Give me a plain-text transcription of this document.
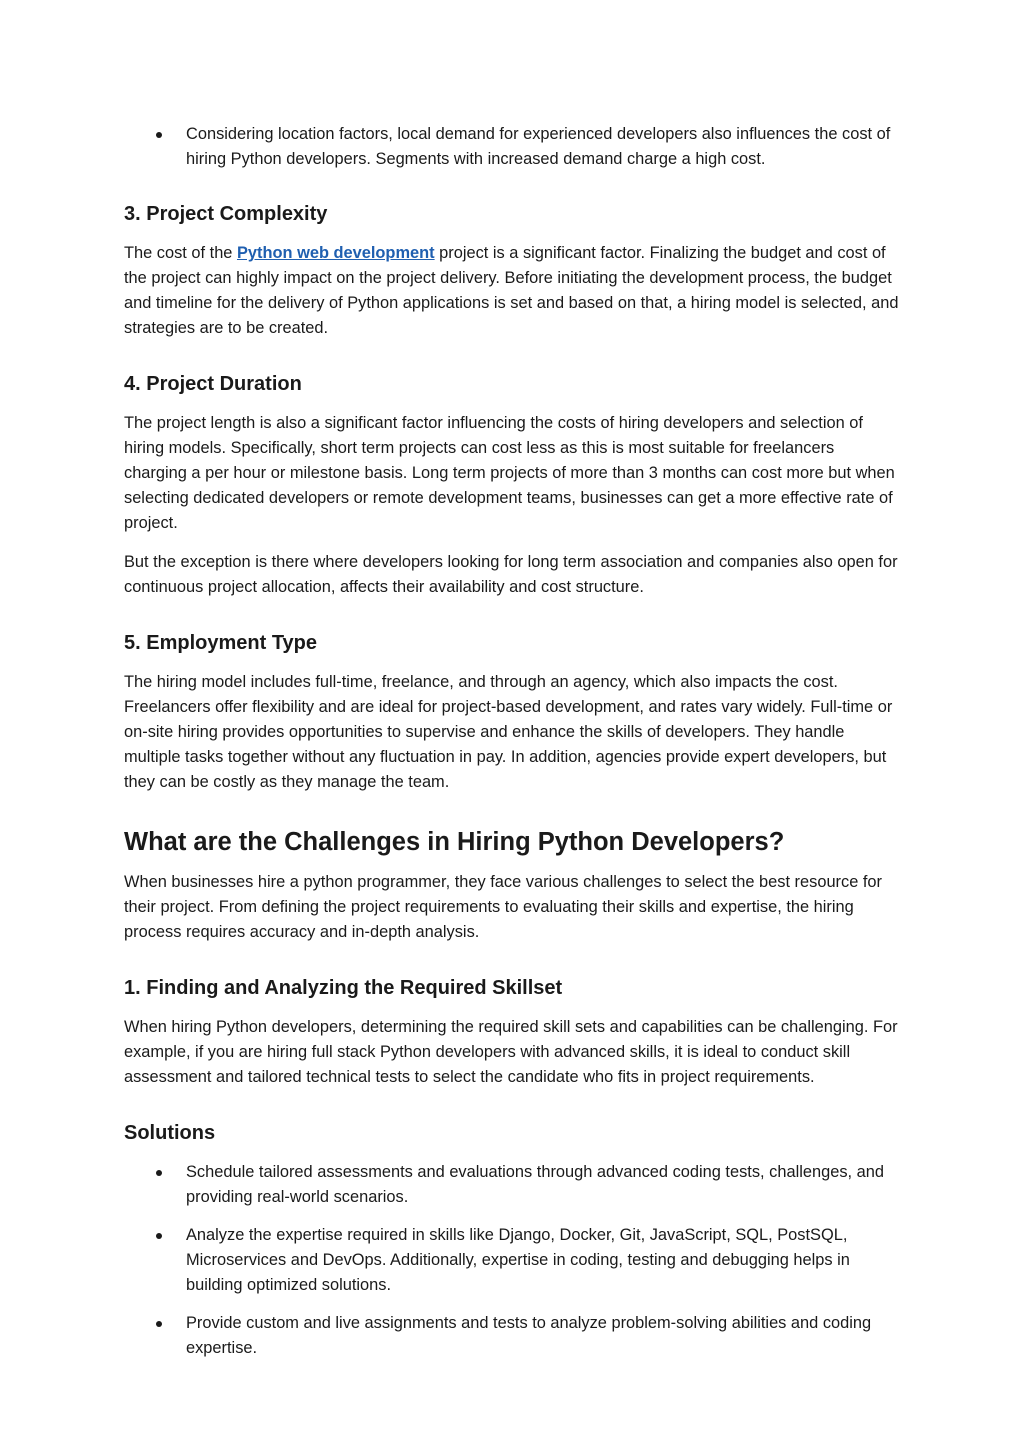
Considering location factors, local demand for experienced developers also influences the cost of hiring Python developers. Segments with increased demand charge a high cost.
3. Project Complexity

The cost of the Python web development project is a significant factor. Finalizing the budget and cost of the project can highly impact on the project delivery. Before initiating the development process, the budget and timeline for the delivery of Python applications is set and based on that, a hiring model is selected, and strategies are to be created.

4. Project Duration

The project length is also a significant factor influencing the costs of hiring developers and selection of hiring models. Specifically, short term projects can cost less as this is most suitable for freelancers charging a per hour or milestone basis. Long term projects of more than 3 months can cost more but when selecting dedicated developers or remote development teams, businesses can get a more effective rate of project.

But the exception is there where developers looking for long term association and companies also open for continuous project allocation, affects their availability and cost structure.

5. Employment Type

The hiring model includes full-time, freelance, and through an agency, which also impacts the cost. Freelancers offer flexibility and are ideal for project-based development, and rates vary widely. Full-time or on-site hiring provides opportunities to supervise and enhance the skills of developers. They handle multiple tasks together without any fluctuation in pay. In addition, agencies provide expert developers, but they can be costly as they manage the team.

What are the Challenges in Hiring Python Developers?

When businesses hire a python programmer, they face various challenges to select the best resource for their project. From defining the project requirements to evaluating their skills and expertise, the hiring process requires accuracy and in-depth analysis.

1. Finding and Analyzing the Required Skillset

When hiring Python developers, determining the required skill sets and capabilities can be challenging. For example, if you are hiring full stack Python developers with advanced skills, it is ideal to conduct skill assessment and tailored technical tests to select the candidate who fits in project requirements.

Solutions
Schedule tailored assessments and evaluations through advanced coding tests, challenges, and providing real-world scenarios.
Analyze the expertise required in skills like Django, Docker, Git, JavaScript, SQL, PostSQL, Microservices and DevOps. Additionally, expertise in coding, testing and debugging helps in building optimized solutions.
Provide custom and live assignments and tests to analyze problem-solving abilities and coding expertise.
